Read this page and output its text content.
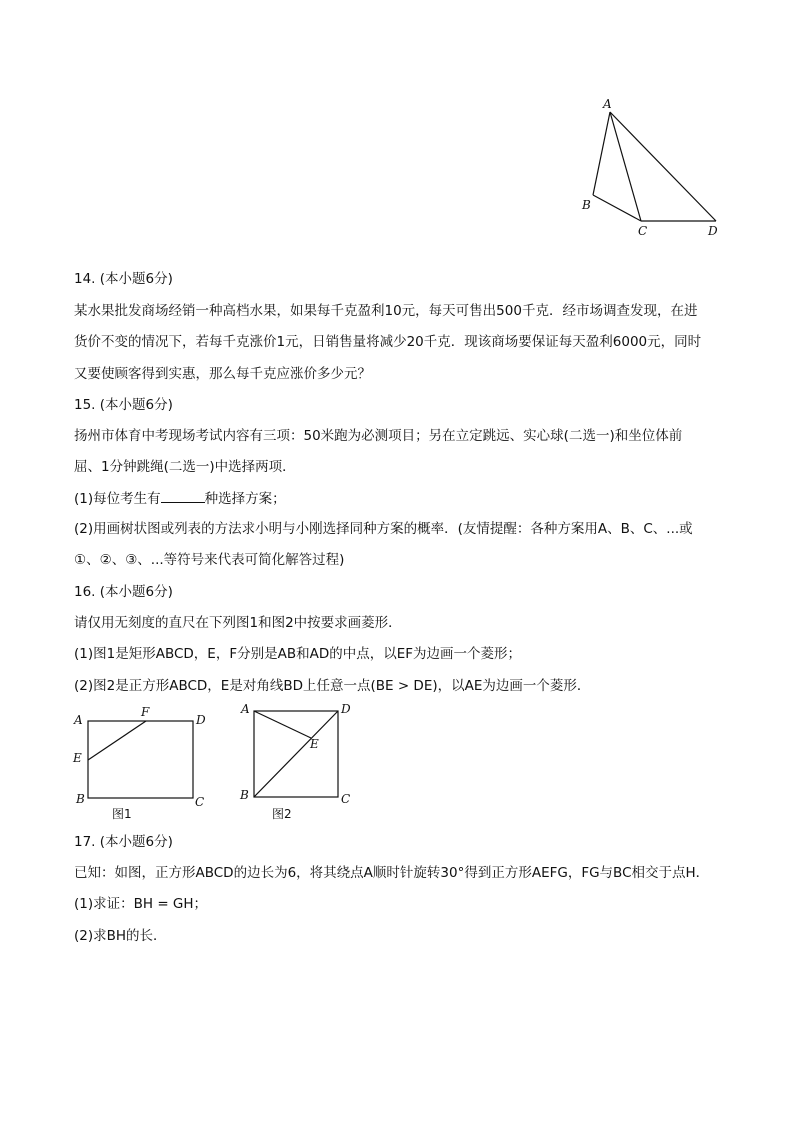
A
B
C	D
A
F
D
E
B	C
图1
A	D
E
B	C
图2
14. (本小题6分)
某水果批发商场经销一种高档水果，如果每千克盈利10元，每天可售出500千克．经市场调查发现，在进
货价不变的情况下，若每千克涨价1元，日销售量将减少20千克．现该商场要保证每天盈利6000元，同时
又要使顾客得到实惠，那么每千克应涨价多少元？
15. (本小题6分)
扬州市体育中考现场考试内容有三项：50米跑为必测项目；另在立定跳远、实心球(二选一)和坐位体前
屈、1分钟跳绳(二选一)中选择两项．
(1)每位考生有	种选择方案；
(2)用画树状图或列表的方法求小明与小刚选择同种方案的概率．(友情提醒：各种方案用A、B、C、...或
①、②、③、...等符号来代表可简化解答过程)
16. (本小题6分)
请仅用无刻度的直尺在下列图1和图2中按要求画菱形．
(1)图1是矩形ABCD，E，F分别是AB和AD的中点，以EF为边画一个菱形；
(2)图2是正方形ABCD，E是对角线BD上任意一点(BE > DE)，以AE为边画一个菱形．
17. (本小题6分)
已知：如图，正方形ABCD的边长为6，将其绕点A顺时针旋转30°得到正方形AEFG，FG与BC相交于点H．
(1)求证：BH = GH；
(2)求BH的长．
